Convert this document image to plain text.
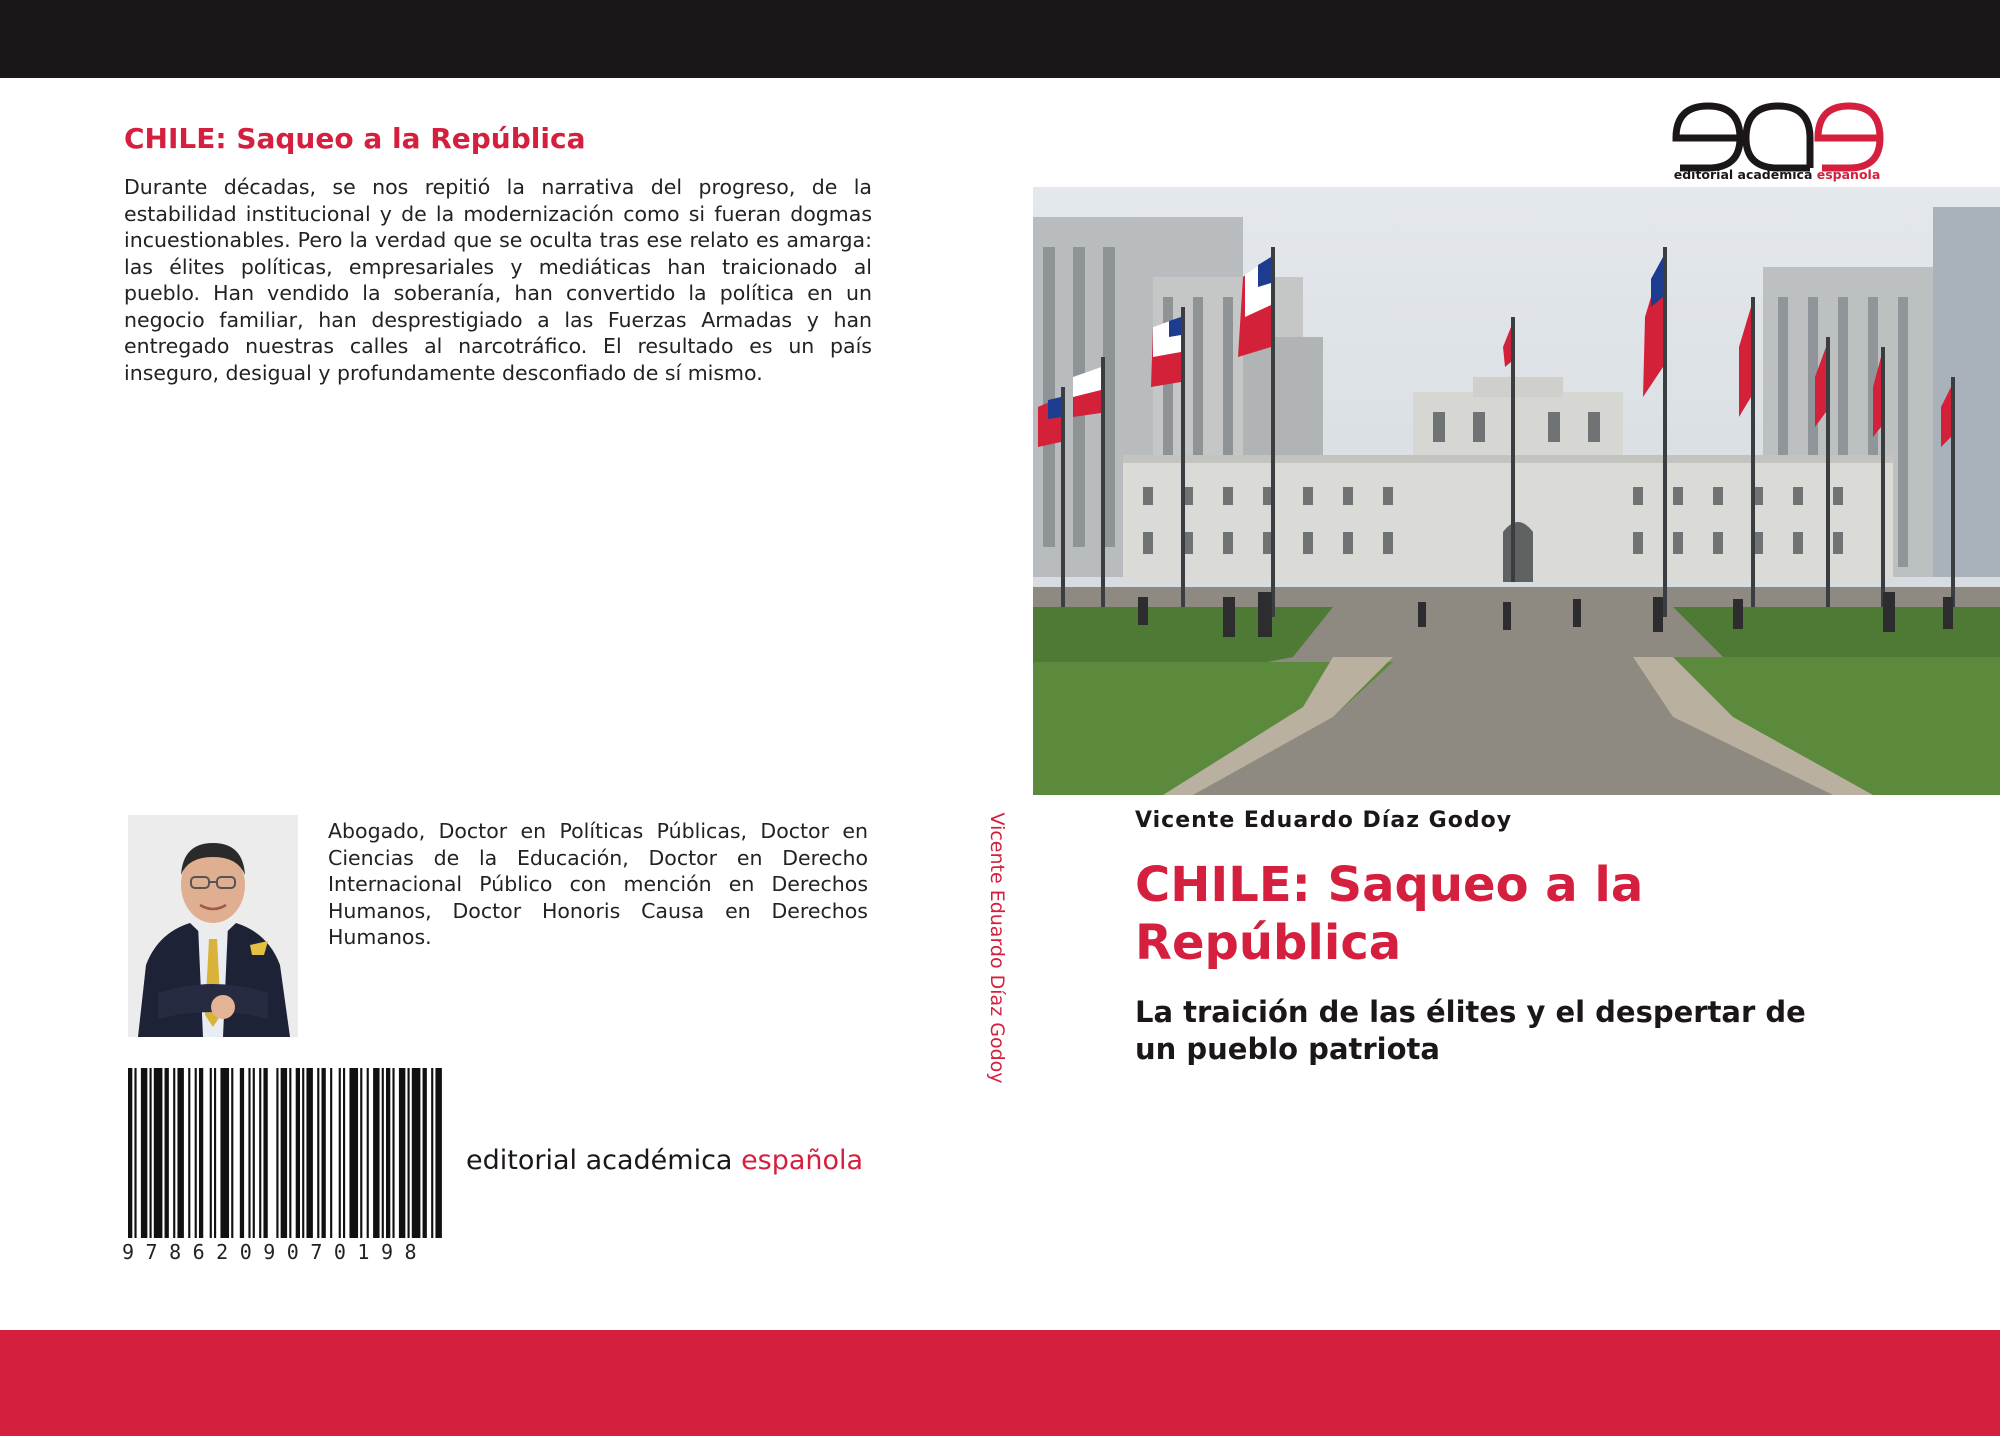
CHILE: Saqueo a la República

Durante décadas, se nos repitió la narrativa del progreso, de la estabilidad institucional y de la modernización como si fueran dogmas incuestionables. Pero la verdad que se oculta tras ese relato es amarga: las élites políticas, empresariales y mediáticas han traicionado al pueblo. Han vendido la soberanía, han convertido la política en un negocio familiar, han desprestigiado a las Fuerzas Armadas y han entregado nuestras calles al narcotráfico. El resultado es un país inseguro, desigual y profundamente desconfiado de sí mismo.

Abogado, Doctor en Políticas Públicas, Doctor en Ciencias de la Educación, Doctor en Derecho Internacional Público con mención en Derechos Humanos, Doctor Honoris Causa en Derechos Humanos.

9786209070198
editorial académica española
Vicente Eduardo Díaz Godoy
editorial académica española
Vicente Eduardo Díaz Godoy
CHILE: Saqueo a la República
La traición de las élites y el despertar de un pueblo patriota
